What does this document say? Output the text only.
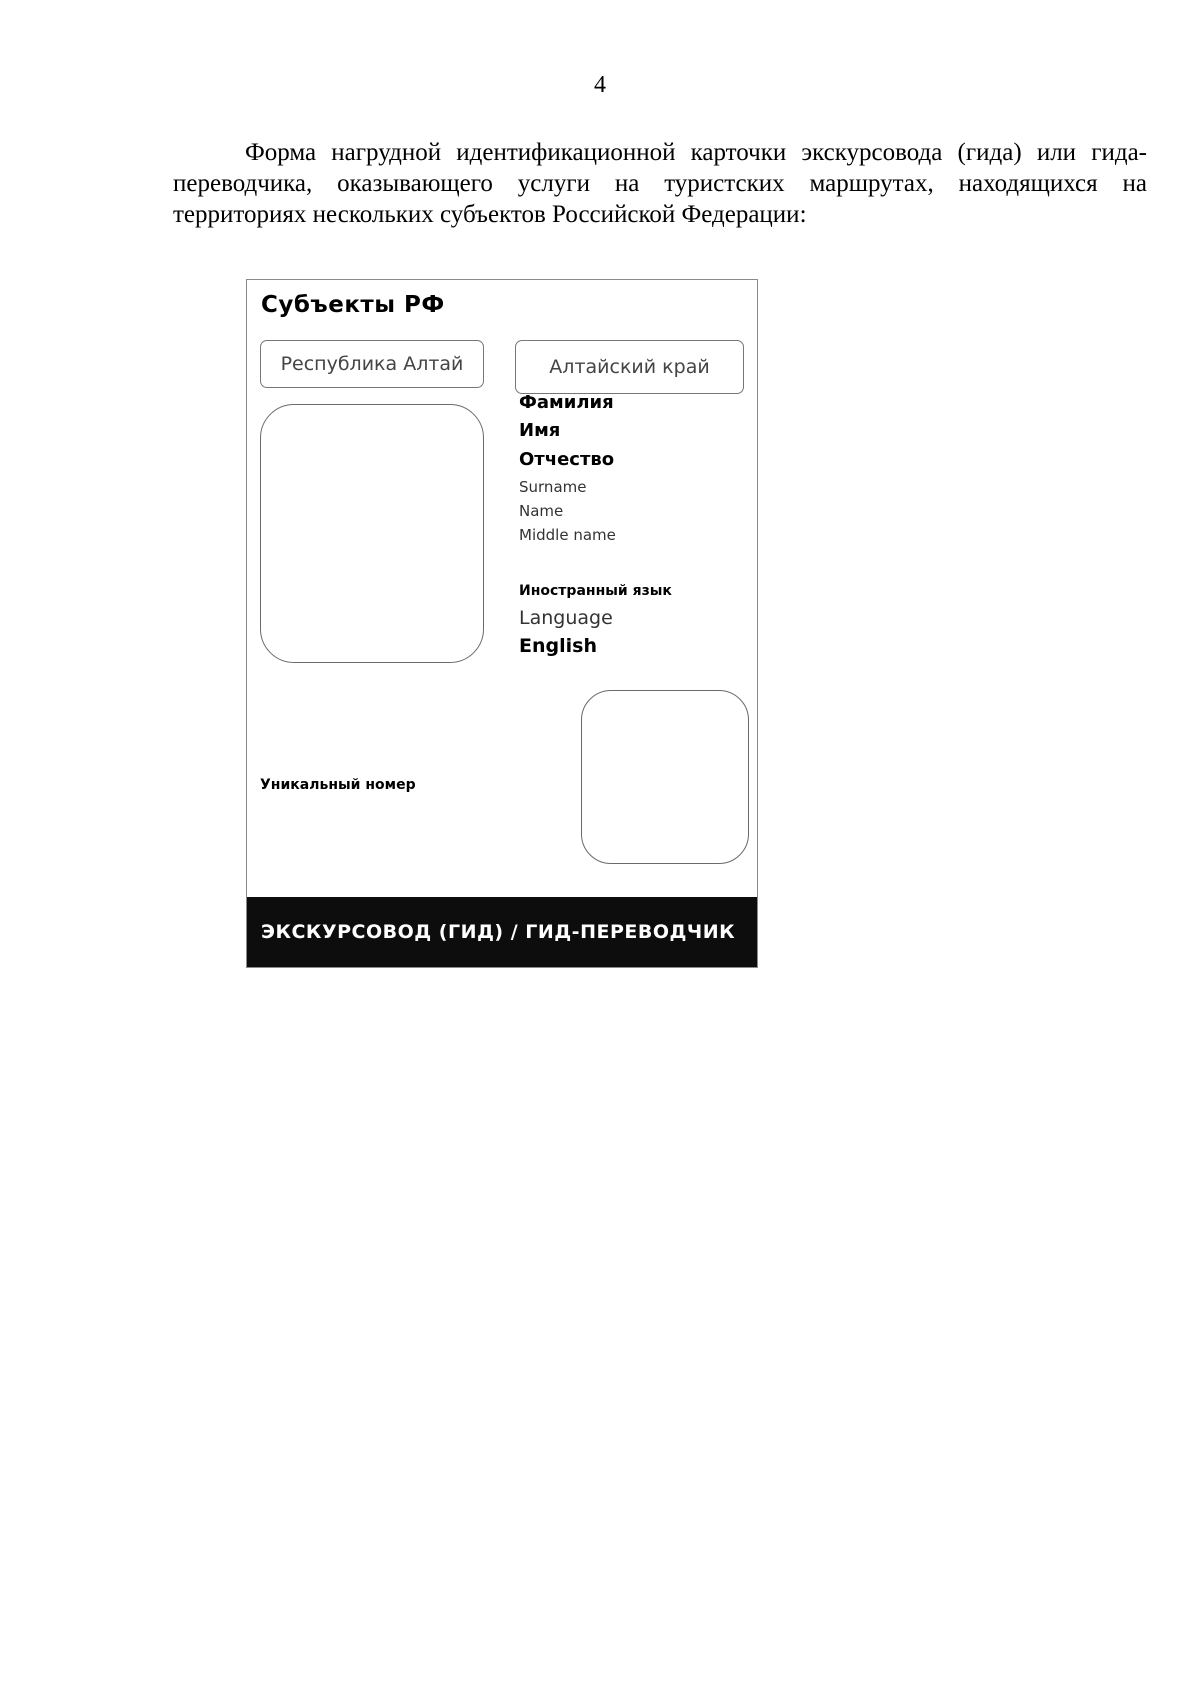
4
Форма нагрудной идентификационной карточки экскурсовода (гида) или гида-переводчика, оказывающего услуги на туристских маршрутах, находящихся на территориях нескольких субъектов Российской Федерации:
Субъекты РФ
Республика Алтай	Алтайский край
Фамилия
Имя
Отчество
Surname
Name
Middle name
Иностранный язык
Language
English
Уникальный номер
ЭКСКУРСОВОД (ГИД) / ГИД-ПЕРЕВОДЧИК
